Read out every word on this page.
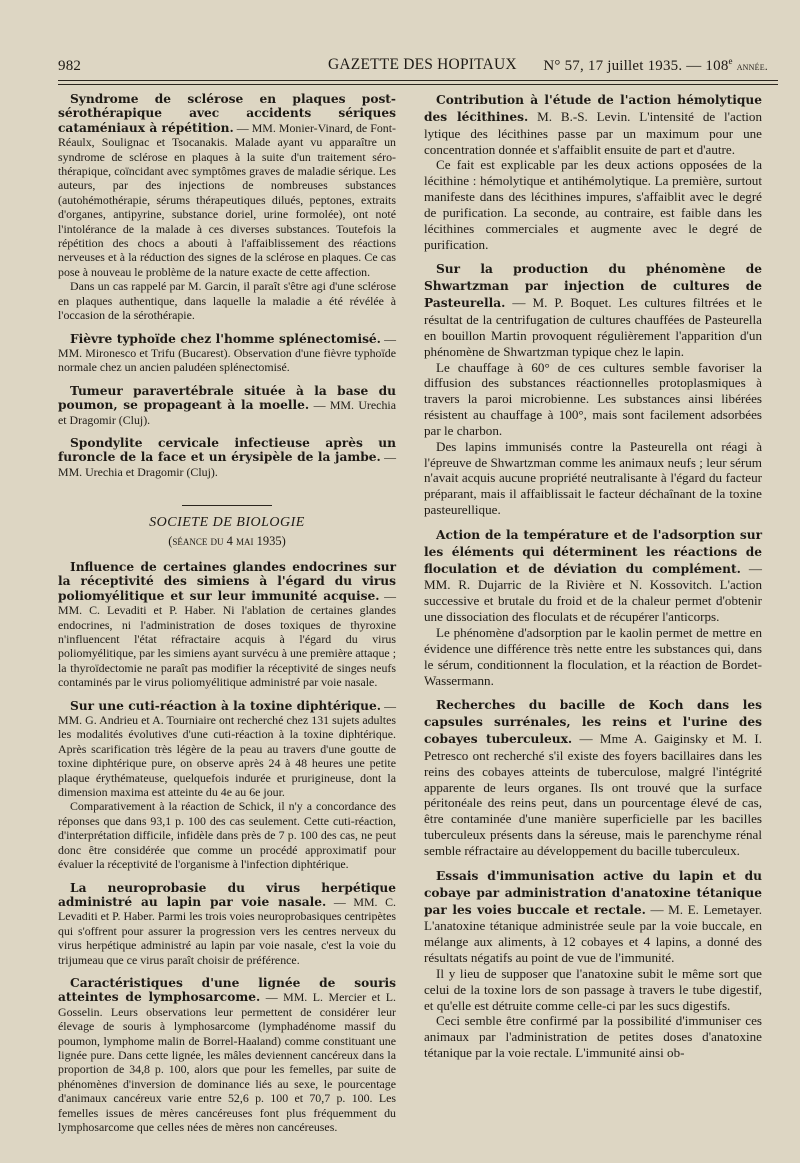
982	GAZETTE DES HOPITAUX N° 57, 17 juillet 1935. — 108e année.

Syndrome de sclérose en plaques post-sérothérapique avec accidents sériques cataméniaux à répétition. — MM. Monier-Vinard, de Font-Réaulx, Soulignac et Tsocanakis. Malade ayant vu apparaître un syndrome de sclérose en plaques à la suite d'un traitement séro-thérapique, coïncidant avec symptômes graves de maladie sérique. Les auteurs, par des injections de nombreuses substances (autohémothérapie, sérums thérapeutiques dilués, peptones, extraits d'organes, antipyrine, substance doriel, urine formolée), ont noté l'intolérance de la malade à ces diverses substances. Toutefois la répétition des chocs a abouti à l'affaiblissement des réactions nerveuses et à la réduction des signes de la sclérose en plaques. Ce cas pose à nouveau le problème de la nature exacte de cette affection.

Dans un cas rappelé par M. Garcin, il paraît s'être agi d'une sclérose en plaques authentique, dans laquelle la maladie a été révélée à l'occasion de la sérothérapie.

Fièvre typhoïde chez l'homme splénectomisé. — MM. Mironesco et Trifu (Bucarest). Observation d'une fièvre typhoïde normale chez un ancien paludéen splénectomisé.

Tumeur paravertébrale située à la base du poumon, se propageant à la moelle. — MM. Urechia et Dragomir (Cluj).

Spondylite cervicale infectieuse après un furoncle de la face et un érysipèle de la jambe. — MM. Urechia et Dragomir (Cluj).

SOCIETE DE BIOLOGIE
(séance du 4 mai 1935)

Influence de certaines glandes endocrines sur la réceptivité des simiens à l'égard du virus poliomyélitique et sur leur immunité acquise. — MM. C. Levaditi et P. Haber. Ni l'ablation de certaines glandes endocrines, ni l'administration de doses toxiques de thyroxine n'influencent l'état réfractaire acquis à l'égard du virus poliomyélitique, par les simiens ayant survécu à une première attaque ; la thyroïdectomie ne paraît pas modifier la réceptivité de singes neufs contaminés par le virus poliomyélitique administré par voie nasale.

Sur une cuti-réaction à la toxine diphtérique. — MM. G. Andrieu et A. Tourniaire ont recherché chez 131 sujets adultes les modalités évolutives d'une cuti-réaction à la toxine diphtérique. Après scarification très légère de la peau au travers d'une goutte de toxine diphtérique pure, on observe après 24 à 48 heures une petite plaque érythémateuse, quelquefois indurée et prurigineuse, dont la dimension maxima est atteinte du 4e au 6e jour.

Comparativement à la réaction de Schick, il n'y a concordance des réponses que dans 93,1 p. 100 des cas seulement. Cette cuti-réaction, d'interprétation difficile, infidèle dans près de 7 p. 100 des cas, ne peut donc être considérée que comme un procédé approximatif pour évaluer la réceptivité de l'organisme à l'infection diphtérique.

La neuroprobasie du virus herpétique administré au lapin par voie nasale. — MM. C. Levaditi et P. Haber. Parmi les trois voies neuroprobasiques centripètes qui s'offrent pour assurer la progression vers les centres nerveux du virus herpétique administré au lapin par voie nasale, c'est la voie du trijumeau que ce virus paraît choisir de préférence.

Caractéristiques d'une lignée de souris atteintes de lymphosarcome. — MM. L. Mercier et L. Gosselin. Leurs observations leur permettent de considérer leur élevage de souris à lymphosarcome (lymphadénome massif du poumon, lymphome malin de Borrel-Haaland) comme constituant une lignée pure. Dans cette lignée, les mâles deviennent cancéreux dans la proportion de 34,8 p. 100, alors que pour les femelles, par suite de phénomènes d'inversion de dominance liés au sexe, le pourcentage d'animaux cancéreux varie entre 52,6 p. 100 et 70,7 p. 100. Les femelles issues de mères cancéreuses font plus fréquemment du lymphosarcome que celles nées de mères non cancéreuses.

Contribution à l'étude de l'action hémolytique des lécithines. M. B.-S. Levin. L'intensité de l'action lytique des lécithines passe par un maximum pour une concentration donnée et s'affaiblit ensuite de part et d'autre.

Ce fait est explicable par les deux actions opposées de la lécithine : hémolytique et antihémolytique. La première, surtout manifeste dans des lécithines impures, s'affaiblit avec le degré de purification. La seconde, au contraire, est faible dans les lécithines commerciales et augmente avec le degré de purification.

Sur la production du phénomène de Shwartzman par injection de cultures de Pasteurella. — M. P. Boquet. Les cultures filtrées et le résultat de la centrifugation de cultures chauffées de Pasteurella en bouillon Martin provoquent régulièrement l'apparition d'un phénomène de Shwartzman typique chez le lapin.

Le chauffage à 60° de ces cultures semble favoriser la diffusion des substances réactionnelles protoplasmiques à travers la paroi microbienne. Les substances ainsi libérées résistent au chauffage à 100°, mais sont facilement adsorbées par le charbon.

Des lapins immunisés contre la Pasteurella ont réagi à l'épreuve de Shwartzman comme les animaux neufs ; leur sérum n'avait acquis aucune propriété neutralisante à l'égard du facteur préparant, mais il affaiblissait le facteur déchaînant de la toxine pasteurellique.

Action de la température et de l'adsorption sur les éléments qui déterminent les réactions de floculation et de déviation du complément. — MM. R. Dujarric de la Rivière et N. Kossovitch. L'action successive et brutale du froid et de la chaleur permet d'obtenir une dissociation des floculats et de récupérer l'anticorps.

Le phénomène d'adsorption par le kaolin permet de mettre en évidence une différence très nette entre les substances qui, dans le sérum, conditionnent la floculation, et la réaction de Bordet-Wassermann.

Recherches du bacille de Koch dans les capsules surrénales, les reins et l'urine des cobayes tuberculeux. — Mme A. Gaiginsky et M. I. Petresco ont recherché s'il existe des foyers bacillaires dans les reins des cobayes atteints de tuberculose, malgré l'intégrité apparente de leurs organes. Ils ont trouvé que la surface péritonéale des reins peut, dans un pourcentage élevé de cas, être contaminée d'une manière superficielle par les bacilles tuberculeux présents dans la séreuse, mais le parenchyme rénal semble réfractaire au développement du bacille tuberculeux.

Essais d'immunisation active du lapin et du cobaye par administration d'anatoxine tétanique par les voies buccale et rectale. — M. E. Lemetayer. L'anatoxine tétanique administrée seule par la voie buccale, en mélange aux aliments, à 12 cobayes et 4 lapins, a donné des résultats négatifs au point de vue de l'immunité.

Il y lieu de supposer que l'anatoxine subit le même sort que celui de la toxine lors de son passage à travers le tube digestif, et qu'elle est détruite comme celle-ci par les sucs digestifs.

Ceci semble être confirmé par la possibilité d'immuniser ces animaux par l'administration de petites doses d'anatoxine tétanique par la voie rectale. L'immunité ainsi ob-
